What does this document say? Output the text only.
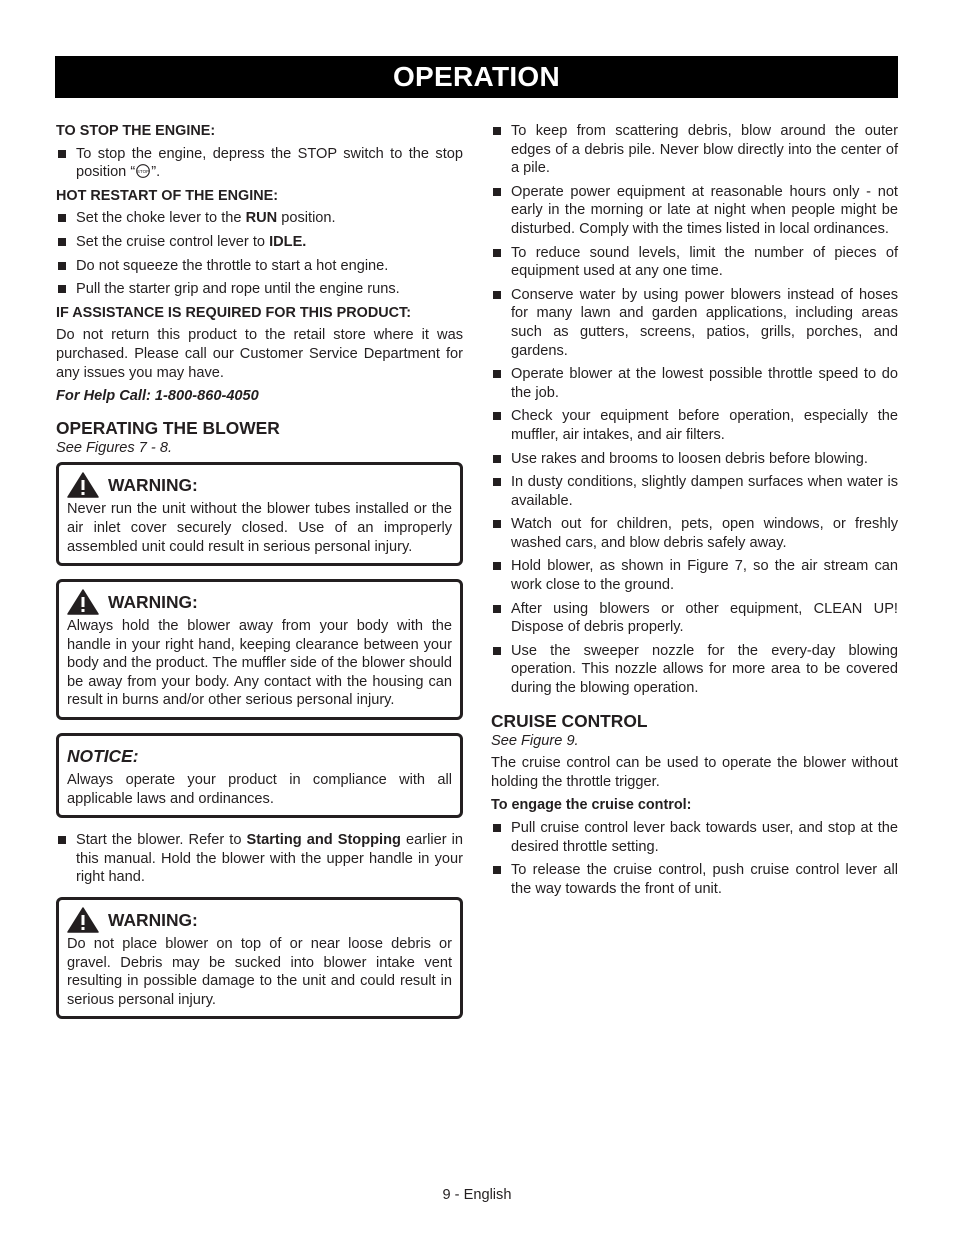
OPERATION

TO STOP THE ENGINE:

To stop the engine, depress the STOP switch to the stop position “ STOP ”.

HOT RESTART OF THE ENGINE:

Set the choke lever to the RUN position.

Set the cruise control lever to IDLE.

Do not squeeze the throttle to start a hot engine.

Pull the starter grip and rope until the engine runs.

IF ASSISTANCE IS REQUIRED FOR THIS PRODUCT:

Do not return this product to the retail store where it was purchased. Please call our Customer Service Department for any issues you may have.

For Help Call: 1-800-860-4050

OPERATING THE BLOWER

See Figures 7 - 8.

WARNING:

Never run the unit without the blower tubes installed or the air inlet cover securely closed. Use of an improperly assembled unit could result in serious personal injury.

WARNING:

Always hold the blower away from your body with the handle in your right hand, keeping clearance between your body and the product. The muffler side of the blower should be away from your body. Any contact with the housing can result in burns and/or other serious personal injury.

NOTICE:

Always operate your product in compliance with all applicable laws and ordinances.

Start the blower. Refer to Starting and Stopping earlier in this manual. Hold the blower with the upper handle in your right hand.

WARNING:

Do not place blower on top of or near loose debris or gravel. Debris may be sucked into blower intake vent resulting in possible damage to the unit and could result in serious personal injury.

To keep from scattering debris, blow around the outer edges of a debris pile. Never blow directly into the center of a pile.

Operate power equipment at reasonable hours only - not early in the morning or late at night when people might be disturbed. Comply with the times listed in local ordinances.

To reduce sound levels, limit the number of pieces of equipment used at any one time.

Conserve water by using power blowers instead of hoses for many lawn and garden applications, including areas such as gutters, screens, patios, grills, porches, and gardens.

Operate blower at the lowest possible throttle speed to do the job.

Check your equipment before operation, especially the muffler, air intakes, and air filters.

Use rakes and brooms to loosen debris before blowing.

In dusty conditions, slightly dampen surfaces when water is available.

Watch out for children, pets, open windows, or freshly washed cars, and blow debris safely away.

Hold blower, as shown in Figure 7, so the air stream can work close to the ground.

After using blowers or other equipment, CLEAN UP! Dispose of debris properly.

Use the sweeper nozzle for the every-day blowing operation. This nozzle allows for more area to be covered during the blowing operation.

CRUISE CONTROL

See Figure 9.

The cruise control can be used to operate the blower without holding the throttle trigger.

To engage the cruise control:

Pull cruise control lever back towards user, and stop at the desired throttle setting.

To release the cruise control, push cruise control lever all the way towards the front of unit.

9 - English
